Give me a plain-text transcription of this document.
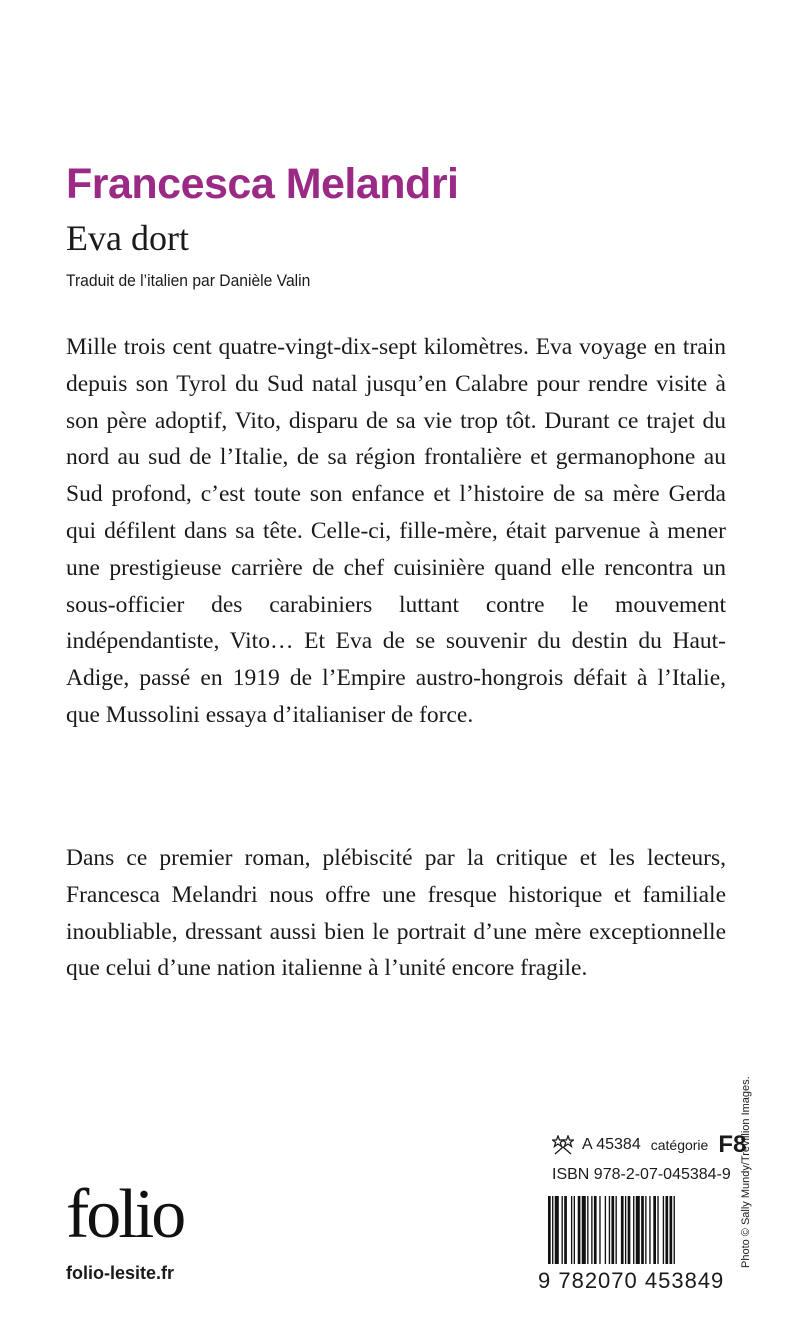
Francesca Melandri
Eva dort
Traduit de l’italien par Danièle Valin
Mille trois cent quatre-vingt-dix-sept kilomètres. Eva voyage en train depuis son Tyrol du Sud natal jusqu’en Calabre pour rendre visite à son père adoptif, Vito, disparu de sa vie trop tôt. Durant ce trajet du nord au sud de l’Italie, de sa région frontalière et germanophone au Sud profond, c’est toute son enfance et l’histoire de sa mère Gerda qui défilent dans sa tête. Celle-ci, fille-mère, était parvenue à mener une prestigieuse carrière de chef cuisinière quand elle rencontra un sous-officier des carabiniers luttant contre le mouvement indépendantiste, Vito… Et Eva de se souvenir du destin du Haut-Adige, passé en 1919 de l’Empire austro-hongrois défait à l’Italie, que Mussolini essaya d’italianiser de force.
Dans ce premier roman, plébiscité par la critique et les lecteurs, Francesca Melandri nous offre une fresque historique et familiale inoubliable, dressant aussi bien le portrait d’une mère exceptionnelle que celui d’une nation italienne à l’unité encore fragile.
Photo © Sally Mundy/Trevillion Images.
A 45384 catégorie F8
ISBN 978-2-07-045384-9
9 782070 453849
folio
folio-lesite.fr
